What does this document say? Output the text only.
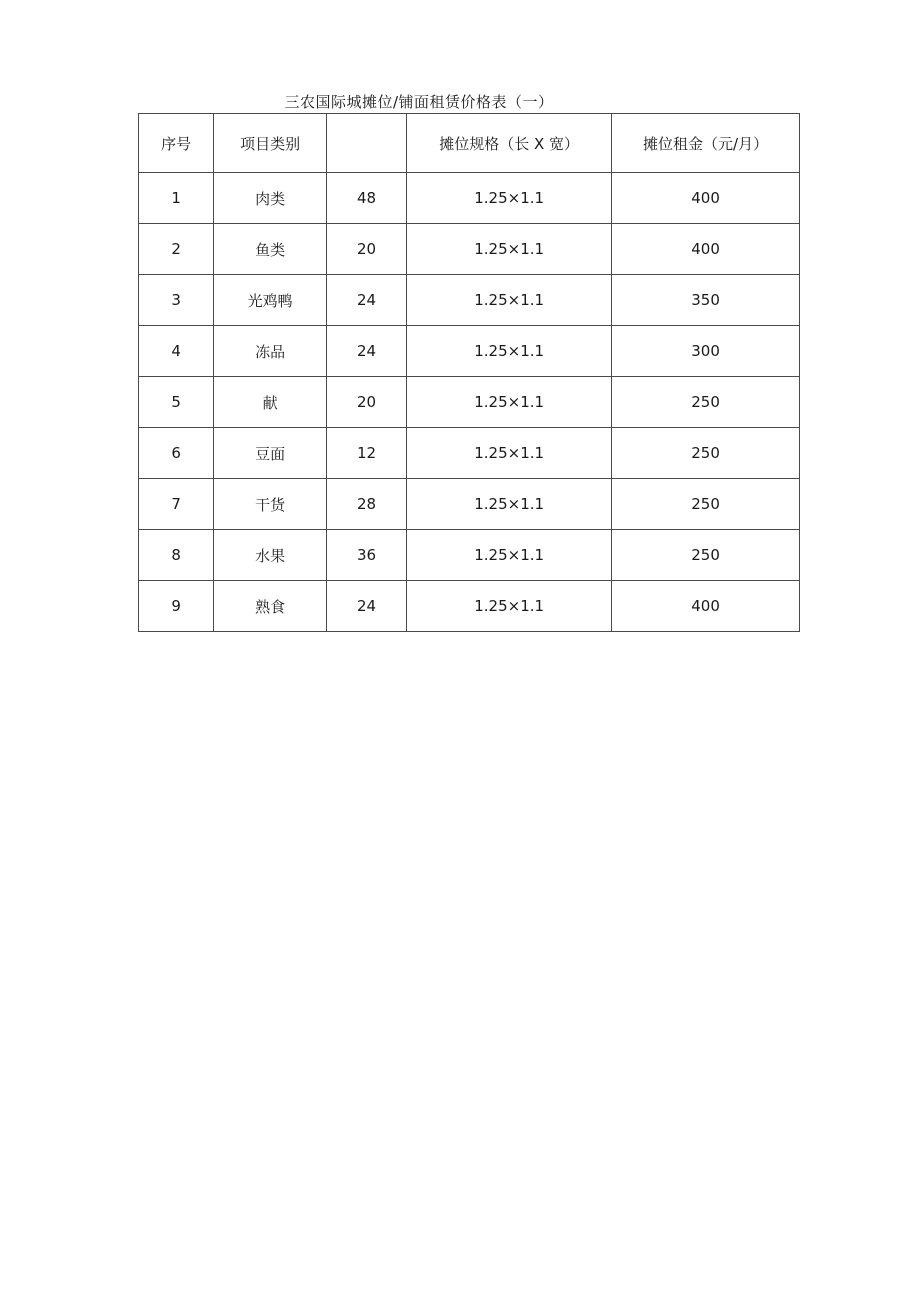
三农国际城摊位/铺面租赁价格表（一）
序号	项目类别		摊位规格（长 X 宽）	摊位租金（元/月）
1	肉类	48	1.25×1.1	400
2	鱼类	20	1.25×1.1	400
3	光鸡鸭	24	1.25×1.1	350
4	冻品	24	1.25×1.1	300
5	献	20	1.25×1.1	250
6	豆面	12	1.25×1.1	250
7	干货	28	1.25×1.1	250
8	水果	36	1.25×1.1	250
9	熟食	24	1.25×1.1	400
